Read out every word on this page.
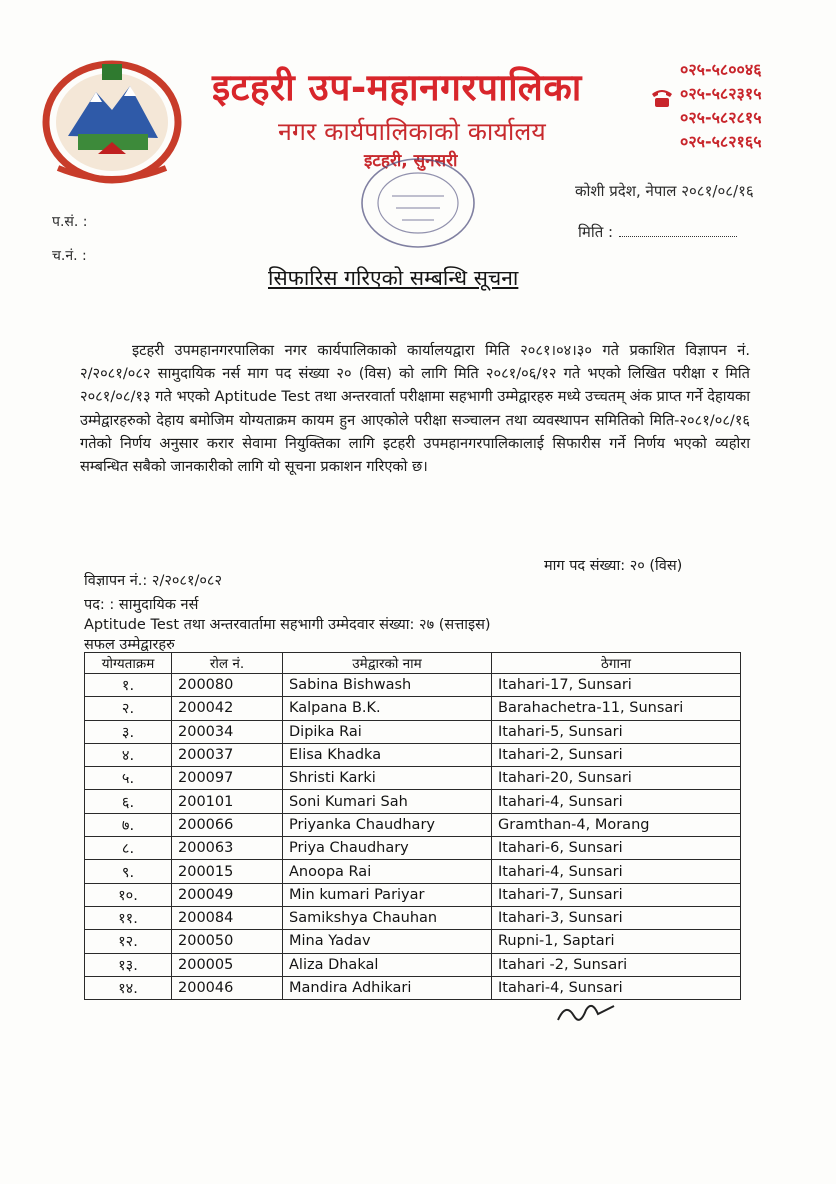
इटहरी उप-महानगरपालिका
नगर कार्यपालिकाको कार्यालय
इटहरी, सुनसरी
०२५-५८००४६
०२५-५८२३१५
०२५-५८२८१५
०२५-५८२१६५
कोशी प्रदेश, नेपाल २०८१/०८/१६
प.सं. :
च.नं. :
मिति :
सिफारिस गरिएको सम्बन्धि सूचना
इटहरी उपमहानगरपालिका नगर कार्यपालिकाको कार्यालयद्वारा मिति २०८१।०४।३० गते प्रकाशित विज्ञापन नं. २/२०८१/०८२ सामुदायिक नर्स माग पद संख्या २० (विस) को लागि मिति २०८१/०६/१२ गते भएको लिखित परीक्षा र मिति २०८१/०८/१३ गते भएको Aptitude Test तथा अन्तरवार्ता परीक्षामा सहभागी उम्मेद्वारहरु मध्ये उच्चतम् अंक प्राप्त गर्ने देहायका उम्मेद्वारहरुको देहाय बमोजिम योग्यताक्रम कायम हुन आएकोले परीक्षा सञ्चालन तथा व्यवस्थापन समितिको मिति-२०८१/०८/१६ गतेको निर्णय अनुसार करार सेवामा नियुक्तिका लागि इटहरी उपमहानगरपालिकालाई सिफारीस गर्ने निर्णय भएको व्यहोरा सम्बन्धित सबैको जानकारीको लागि यो सूचना प्रकाशन गरिएको छ।
माग पद संख्या: २० (विस)
विज्ञापन नं.: २/२०८१/०८२
पद: : सामुदायिक नर्स
Aptitude Test तथा अन्तरवार्तामा सहभागी उम्मेदवार संख्या: २७ (सत्ताइस)
सफल उम्मेद्वारहरु
योग्यताक्रम	रोल नं.	उमेद्वारको नाम	ठेगाना
१.	200080	Sabina Bishwash	Itahari-17, Sunsari
२.	200042	Kalpana B.K.	Barahachetra-11, Sunsari
३.	200034	Dipika Rai	Itahari-5, Sunsari
४.	200037	Elisa Khadka	Itahari-2, Sunsari
५.	200097	Shristi Karki	Itahari-20, Sunsari
६.	200101	Soni Kumari Sah	Itahari-4, Sunsari
७.	200066	Priyanka Chaudhary	Gramthan-4, Morang
८.	200063	Priya Chaudhary	Itahari-6, Sunsari
९.	200015	Anoopa Rai	Itahari-4, Sunsari
१०.	200049	Min kumari Pariyar	Itahari-7, Sunsari
११.	200084	Samikshya Chauhan	Itahari-3, Sunsari
१२.	200050	Mina Yadav	Rupni-1, Saptari
१३.	200005	Aliza Dhakal	Itahari -2, Sunsari
१४.	200046	Mandira Adhikari	Itahari-4, Sunsari
